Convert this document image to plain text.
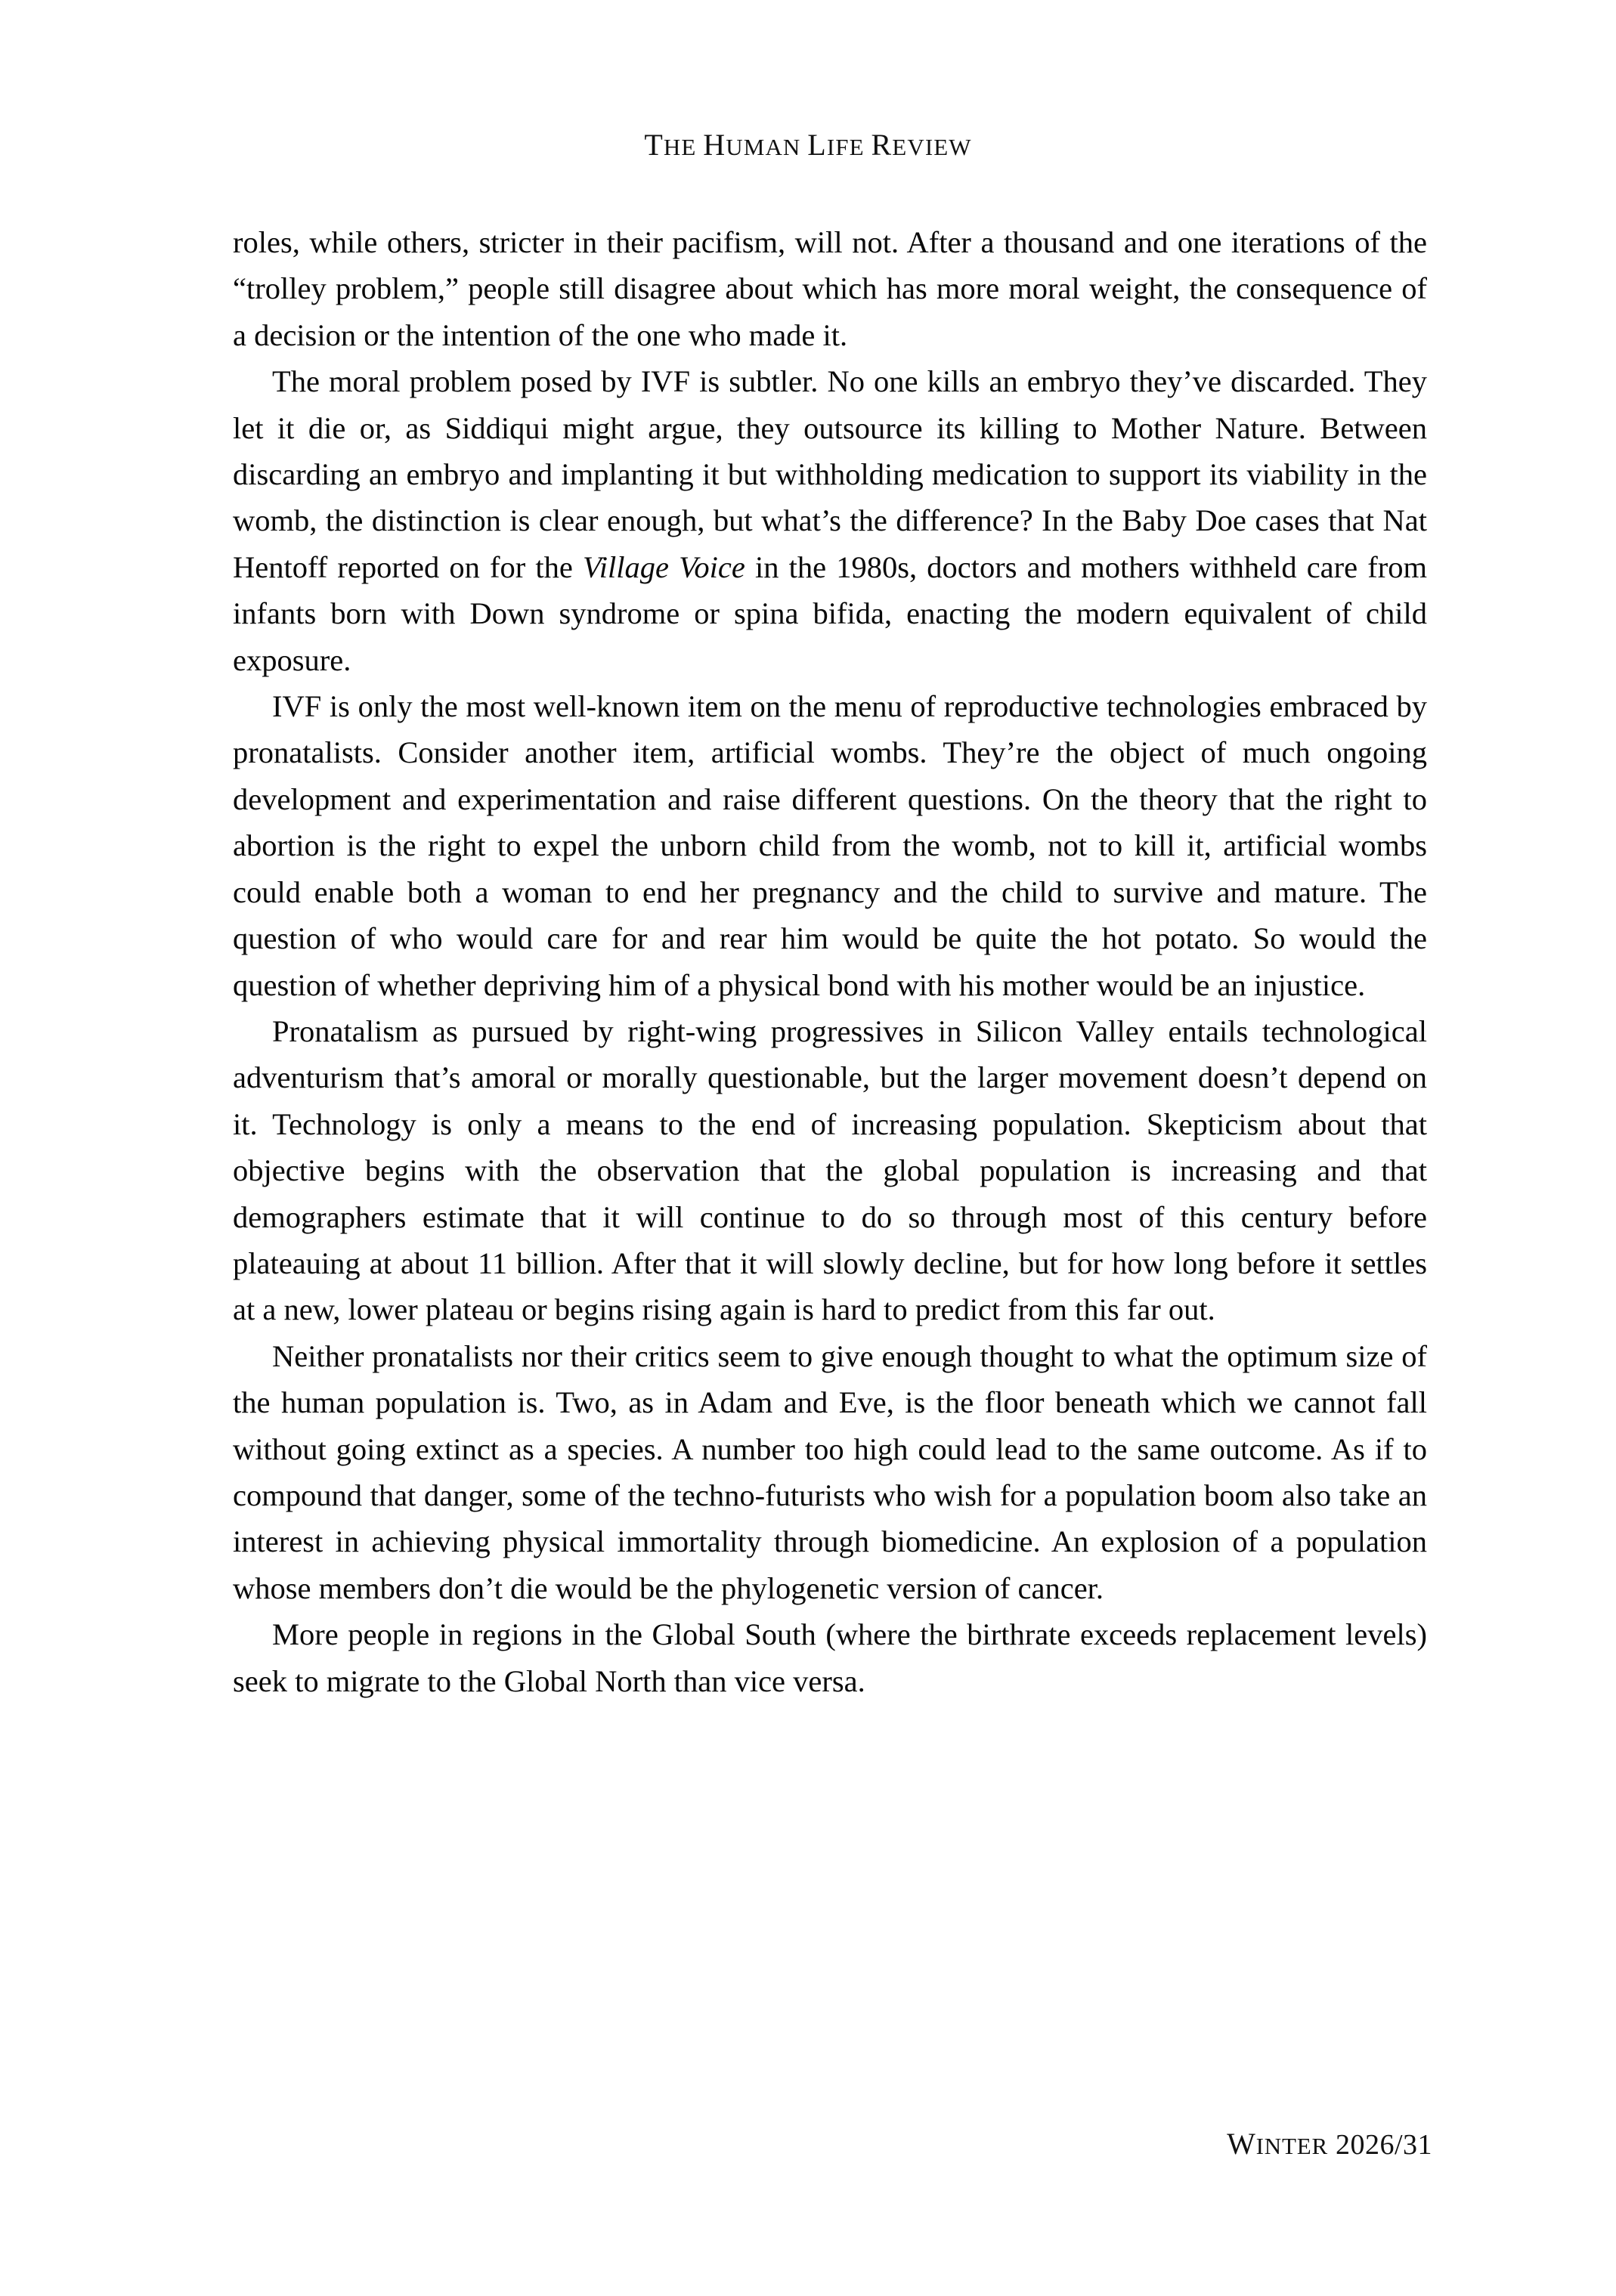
THE HUMAN LIFE REVIEW

roles, while others, stricter in their pacifism, will not. After a thousand and one iterations of the “trolley problem,” people still disagree about which has more moral weight, the consequence of a decision or the intention of the one who made it.

The moral problem posed by IVF is subtler. No one kills an embryo they’ve discarded. They let it die or, as Siddiqui might argue, they outsource its killing to Mother Nature. Between discarding an embryo and implanting it but withholding medication to support its viability in the womb, the distinction is clear enough, but what’s the difference? In the Baby Doe cases that Nat Hentoff reported on for the Village Voice in the 1980s, doctors and mothers withheld care from infants born with Down syndrome or spina bifida, enacting the modern equivalent of child exposure.

IVF is only the most well-known item on the menu of reproductive technologies embraced by pronatalists. Consider another item, artificial wombs. They’re the object of much ongoing development and experimentation and raise different questions. On the theory that the right to abortion is the right to expel the unborn child from the womb, not to kill it, artificial wombs could enable both a woman to end her pregnancy and the child to survive and mature. The question of who would care for and rear him would be quite the hot potato. So would the question of whether depriving him of a physical bond with his mother would be an injustice.

Pronatalism as pursued by right-wing progressives in Silicon Valley entails technological adventurism that’s amoral or morally questionable, but the larger movement doesn’t depend on it. Technology is only a means to the end of increasing population. Skepticism about that objective begins with the observation that the global population is increasing and that demographers estimate that it will continue to do so through most of this century before plateauing at about 11 billion. After that it will slowly decline, but for how long before it settles at a new, lower plateau or begins rising again is hard to predict from this far out.

Neither pronatalists nor their critics seem to give enough thought to what the optimum size of the human population is. Two, as in Adam and Eve, is the floor beneath which we cannot fall without going extinct as a species. A number too high could lead to the same outcome. As if to compound that danger, some of the techno-futurists who wish for a population boom also take an interest in achieving physical immortality through biomedicine. An explosion of a population whose members don’t die would be the phylogenetic version of cancer.

More people in regions in the Global South (where the birthrate exceeds replacement levels) seek to migrate to the Global North than vice versa.

WINTER 2026/31
